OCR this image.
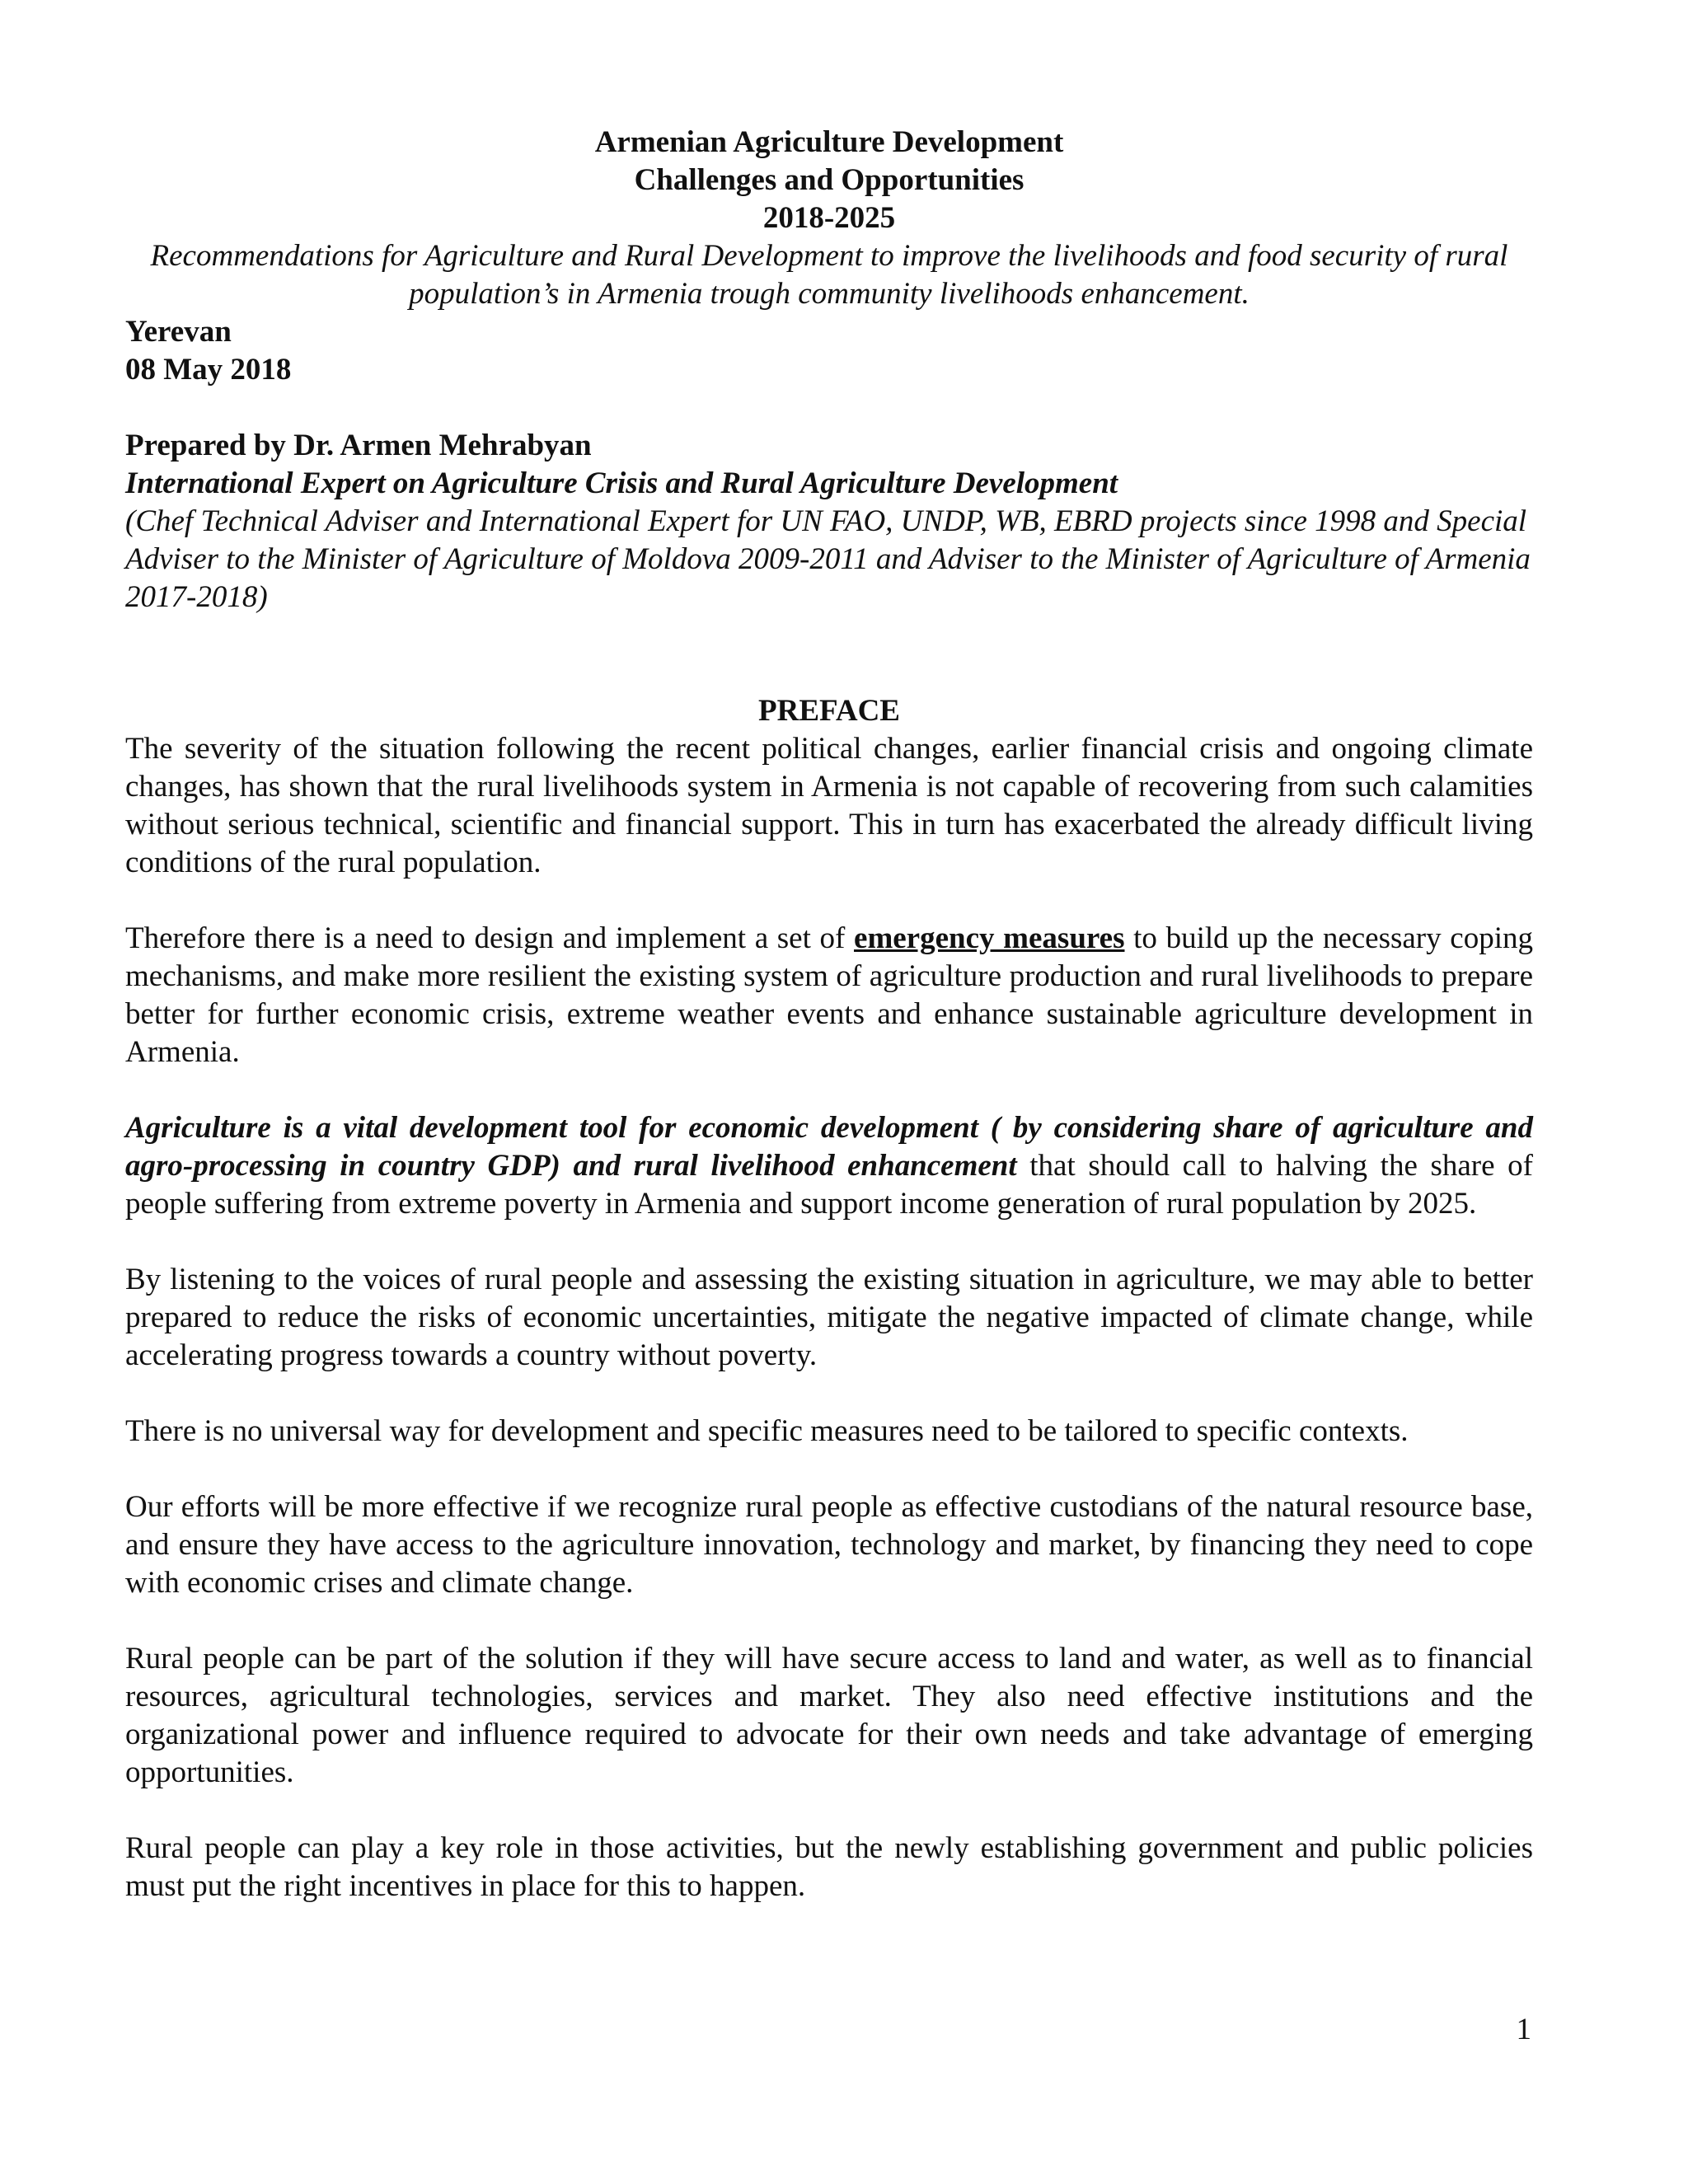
Armenian Agriculture Development
Challenges and Opportunities
2018-2025
Recommendations for Agriculture and Rural Development to improve the livelihoods and food security of rural population’s in Armenia trough community livelihoods enhancement.
Yerevan
08 May 2018
Prepared by Dr. Armen Mehrabyan
International Expert on Agriculture Crisis and Rural Agriculture Development
(Chef Technical Adviser and International Expert for UN FAO, UNDP, WB, EBRD projects since 1998 and Special Adviser to the Minister of Agriculture of Moldova 2009-2011 and Adviser to the Minister of Agriculture of Armenia 2017-2018)
PREFACE

The severity of the situation following the recent political changes, earlier financial crisis and ongoing climate changes, has shown that the rural livelihoods system in Armenia is not capable of recovering from such calamities without serious technical, scientific and financial support. This in turn has exacerbated the already difficult living conditions of the rural population.

Therefore there is a need to design and implement a set of emergency measures to build up the necessary coping mechanisms, and make more resilient the existing system of agriculture production and rural livelihoods to prepare better for further economic crisis, extreme weather events and enhance sustainable agriculture development in Armenia.

Agriculture is a vital development tool for economic development ( by considering share of agriculture and agro-processing in country GDP) and rural livelihood enhancement that should call to halving the share of people suffering from extreme poverty in Armenia and support income generation of rural population by 2025.

By listening to the voices of rural people and assessing the existing situation in agriculture, we may able to better prepared to reduce the risks of economic uncertainties, mitigate the negative impacted of climate change, while accelerating progress towards a country without poverty.

There is no universal way for development and specific measures need to be tailored to specific contexts.

Our efforts will be more effective if we recognize rural people as effective custodians of the natural resource base, and ensure they have access to the agriculture innovation, technology and market, by financing they need to cope with economic crises and climate change.

Rural people can be part of the solution if they will have secure access to land and water, as well as to financial resources, agricultural technologies, services and market. They also need effective institutions and the organizational power and influence required to advocate for their own needs and take advantage of emerging opportunities.

Rural people can play a key role in those activities, but the newly establishing government and public policies must put the right incentives in place for this to happen.

1
